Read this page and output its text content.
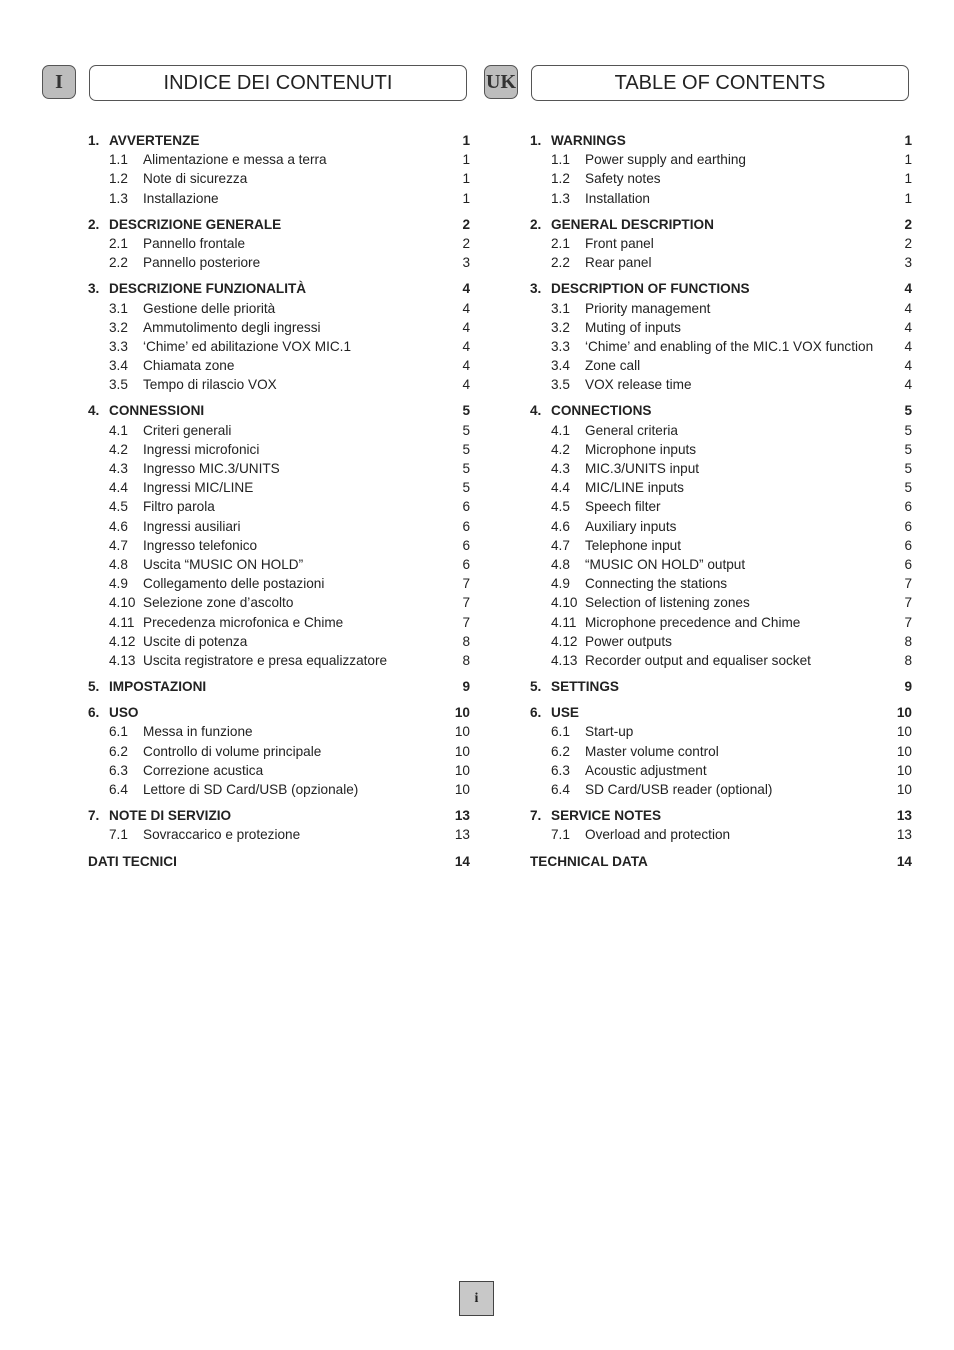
I	INDICE DEI CONTENUTI	UK	TABLE OF CONTENTS
1. AVVERTENZE	1
1.1 Alimentazione e messa a terra	1
1.2 Note di sicurezza	1
1.3 Installazione	1
2. DESCRIZIONE GENERALE	2
2.1 Pannello frontale	2
2.2 Pannello posteriore	3
3. DESCRIZIONE FUNZIONALITÀ	4
3.1 Gestione delle priorità	4
3.2 Ammutolimento degli ingressi	4
3.3 ‘Chime’ ed abilitazione VOX MIC.1	4
3.4 Chiamata zone	4
3.5 Tempo di rilascio VOX	4
4. CONNESSIONI	5
4.1 Criteri generali	5
4.2 Ingressi microfonici	5
4.3 Ingresso MIC.3/UNITS	5
4.4 Ingressi MIC/LINE	5
4.5 Filtro parola	6
4.6 Ingressi ausiliari	6
4.7 Ingresso telefonico	6
4.8 Uscita “MUSIC ON HOLD”	6
4.9 Collegamento delle postazioni	7
4.10 Selezione zone d’ascolto	7
4.11 Precedenza microfonica e Chime	7
4.12 Uscite di potenza	8
4.13 Uscita registratore e presa equalizzatore	8
5. IMPOSTAZIONI	9
6. USO	10
6.1 Messa in funzione	10
6.2 Controllo di volume principale	10
6.3 Correzione acustica	10
6.4 Lettore di SD Card/USB (opzionale)	10
7. NOTE DI SERVIZIO	13
7.1 Sovraccarico e protezione	13
DATI TECNICI	14
1. WARNINGS	1
1.1 Power supply and earthing	1
1.2 Safety notes	1
1.3 Installation	1
2. GENERAL DESCRIPTION	2
2.1 Front panel	2
2.2 Rear panel	3
3. DESCRIPTION OF FUNCTIONS	4
3.1 Priority management	4
3.2 Muting of inputs	4
3.3 ‘Chime’ and enabling of the MIC.1 VOX function 4
3.4 Zone call	4
3.5 VOX release time	4
4. CONNECTIONS	5
4.1 General criteria	5
4.2 Microphone inputs	5
4.3 MIC.3/UNITS input	5
4.4 MIC/LINE inputs	5
4.5 Speech filter	6
4.6 Auxiliary inputs	6
4.7 Telephone input	6
4.8 “MUSIC ON HOLD” output	6
4.9 Connecting the stations	7
4.10 Selection of listening zones	7
4.11 Microphone precedence and Chime	7
4.12 Power outputs	8
4.13 Recorder output and equaliser socket	8
5. SETTINGS	9
6. USE	10
6.1 Start-up	10
6.2 Master volume control	10
6.3 Acoustic adjustment	10
6.4 SD Card/USB reader (optional)	10
7. SERVICE NOTES	13
7.1 Overload and protection	13
TECHNICAL DATA	14
i
